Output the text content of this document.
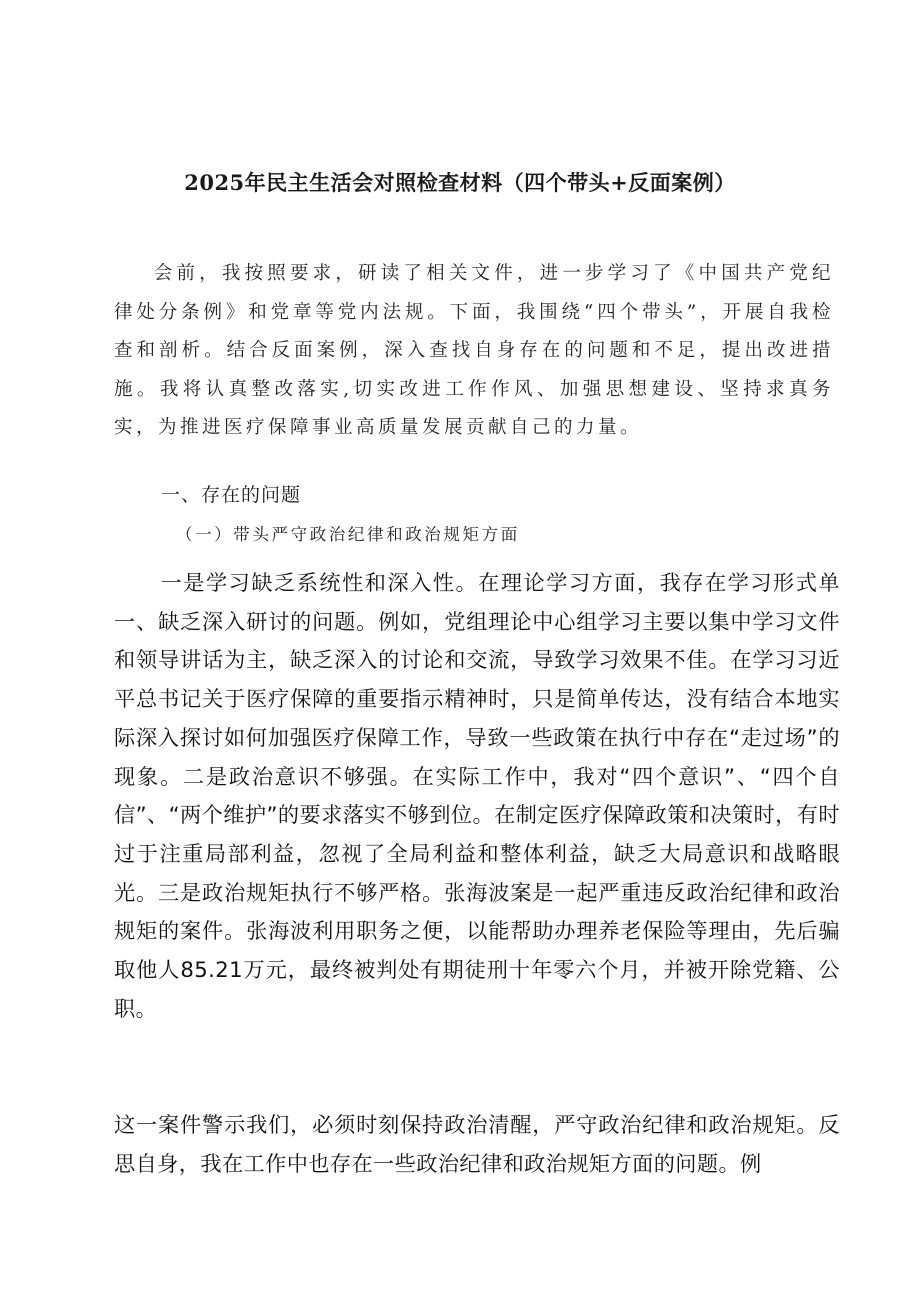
2025年民主生活会对照检查材料（四个带头+反面案例）

会前，我按照要求，研读了相关文件，进一步学习了《中国共产党纪律处分条例》和党章等党内法规。下面，我围绕“四个带头”，开展自我检查和剖析。结合反面案例，深入查找自身存在的问题和不足，提出改进措施。我将认真整改落实,切实改进工作作风、加强思想建设、坚持求真务实，为推进医疗保障事业高质量发展贡献自己的力量。

一、存在的问题

（一）带头严守政治纪律和政治规矩方面

一是学习缺乏系统性和深入性。在理论学习方面，我存在学习形式单一、缺乏深入研讨的问题。例如，党组理论中心组学习主要以集中学习文件和领导讲话为主，缺乏深入的讨论和交流，导致学习效果不佳。在学习习近平总书记关于医疗保障的重要指示精神时，只是简单传达，没有结合本地实际深入探讨如何加强医疗保障工作，导致一些政策在执行中存在“走过场”的现象。二是政治意识不够强。在实际工作中，我对“四个意识”、“四个自信”、“两个维护”的要求落实不够到位。在制定医疗保障政策和决策时，有时过于注重局部利益，忽视了全局利益和整体利益，缺乏大局意识和战略眼光。三是政治规矩执行不够严格。张海波案是一起严重违反政治纪律和政治规矩的案件。张海波利用职务之便，以能帮助办理养老保险等理由，先后骗取他人85.21万元，最终被判处有期徒刑十年零六个月，并被开除党籍、公职。

这一案件警示我们，必须时刻保持政治清醒，严守政治纪律和政治规矩。反思自身，我在工作中也存在一些政治纪律和政治规矩方面的问题。例
